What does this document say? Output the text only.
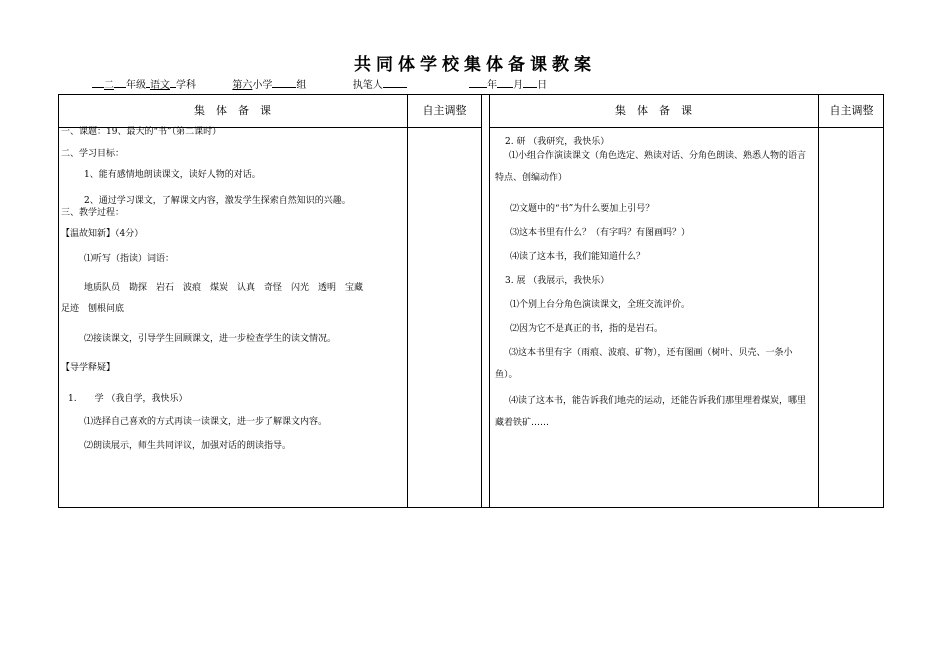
共同体学校集体备课教案
二 年级 语文 学科	第六小学 组	执笔人	年 月 日
集　体　备　课	自主调整	集　体　备　课	自主调整
一、课题：19、最大的“书”（第二课时）
二、学习目标：
1、能有感情地朗读课文，读好人物的对话。
2、通过学习课文，了解课文内容，激发学生探索自然知识的兴趣。
三、教学过程：
【温故知新】（4分）
⑴听写（指读）词语：
地质队员　勘探　岩石　波痕　煤炭　认真　奇怪　闪光　透明　宝藏
足迹　刨根问底
⑵接读课文，引导学生回顾课文，进一步检查学生的读文情况。
【导学释疑】
1.　　学 （我自学，我快乐）
⑴选择自己喜欢的方式再读一读课文，进一步了解课文内容。
⑵朗读展示，师生共同评议，加强对话的朗读指导。
2. 研 （我研究，我快乐）
⑴小组合作演读课文（角色选定、熟读对话、分角色朗读、熟悉人物的语言特点、创编动作）
⑵文题中的“书”为什么要加上引号？
⑶这本书里有什么？（有字吗？有图画吗？）
⑷读了这本书，我们能知道什么？
3. 展 （我展示，我快乐）
⑴个别上台分角色演读课文，全班交流评价。
⑵因为它不是真正的书，指的是岩石。
⑶这本书里有字（雨痕、波痕、矿物），还有图画（树叶、贝壳、一条小鱼）。
⑷读了这本书，能告诉我们地壳的运动，还能告诉我们那里埋着煤炭，哪里藏着铁矿……
